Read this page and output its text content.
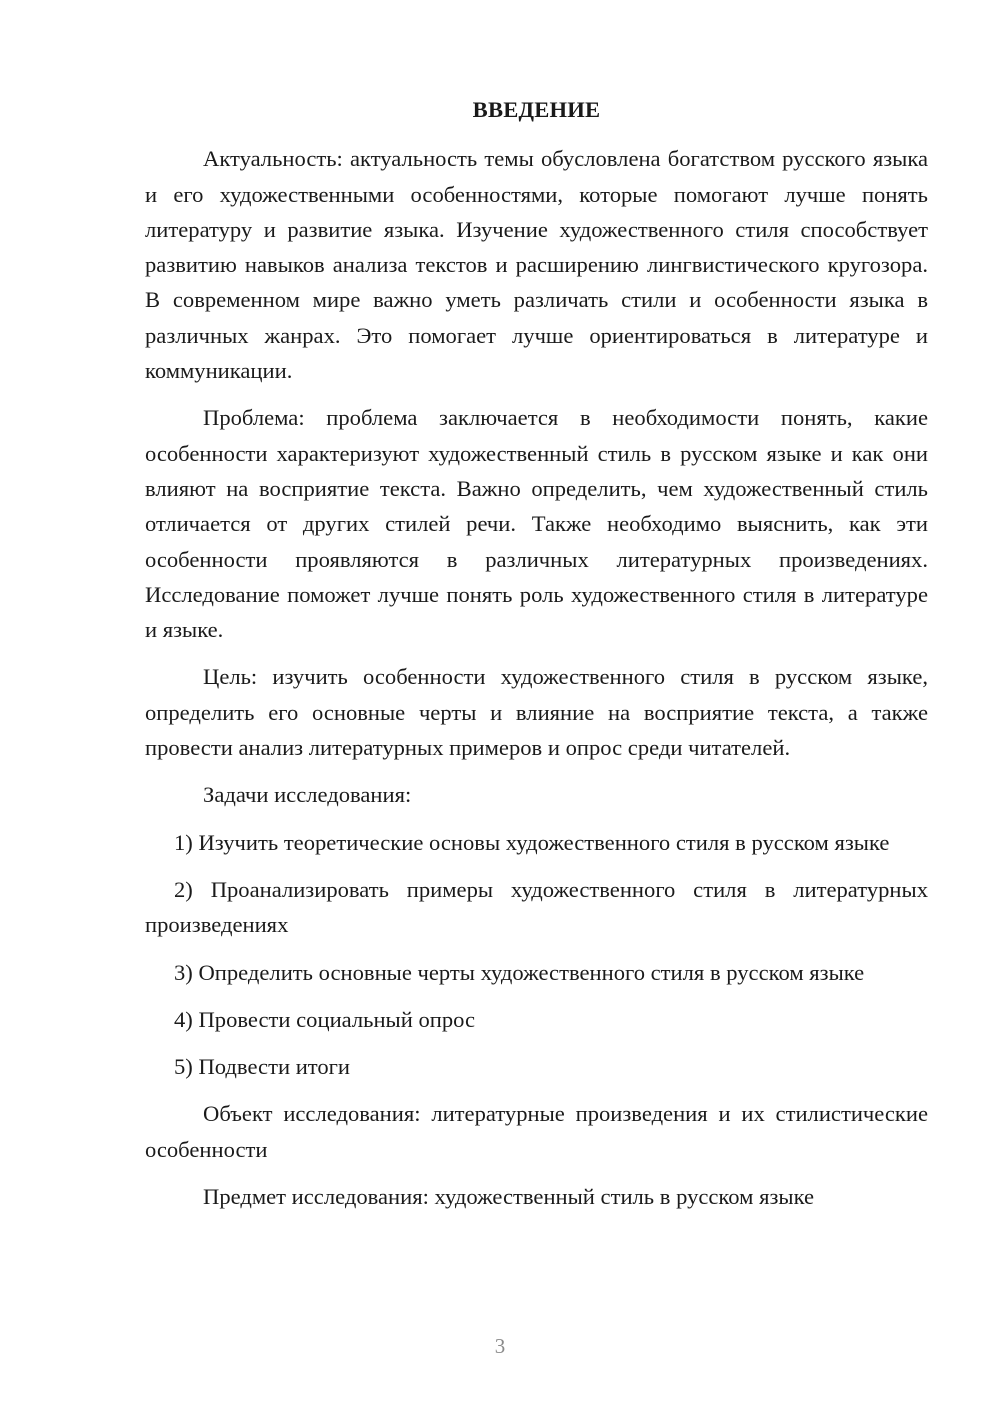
ВВЕДЕНИЕ

Актуальность: актуальность темы обусловлена богатством русского языка и его художественными особенностями, которые помогают лучше понять литературу и развитие языка. Изучение художественного стиля способствует развитию навыков анализа текстов и расширению лингвистического кругозора. В современном мире важно уметь различать стили и особенности языка в различных жанрах. Это помогает лучше ориентироваться в литературе и коммуникации.

Проблема: проблема заключается в необходимости понять, какие особенности характеризуют художественный стиль в русском языке и как они влияют на восприятие текста. Важно определить, чем художественный стиль отличается от других стилей речи. Также необходимо выяснить, как эти особенности проявляются в различных литературных произведениях. Исследование поможет лучше понять роль художественного стиля в литературе и языке.

Цель: изучить особенности художественного стиля в русском языке, определить его основные черты и влияние на восприятие текста, а также провести анализ литературных примеров и опрос среди читателей.

Задачи исследования:

1) Изучить теоретические основы художественного стиля в русском языке

2) Проанализировать примеры художественного стиля в литературных произведениях

3) Определить основные черты художественного стиля в русском языке

4) Провести социальный опрос

5) Подвести итоги

Объект исследования: литературные произведения и их стилистические особенности

Предмет исследования: художественный стиль в русском языке

3
